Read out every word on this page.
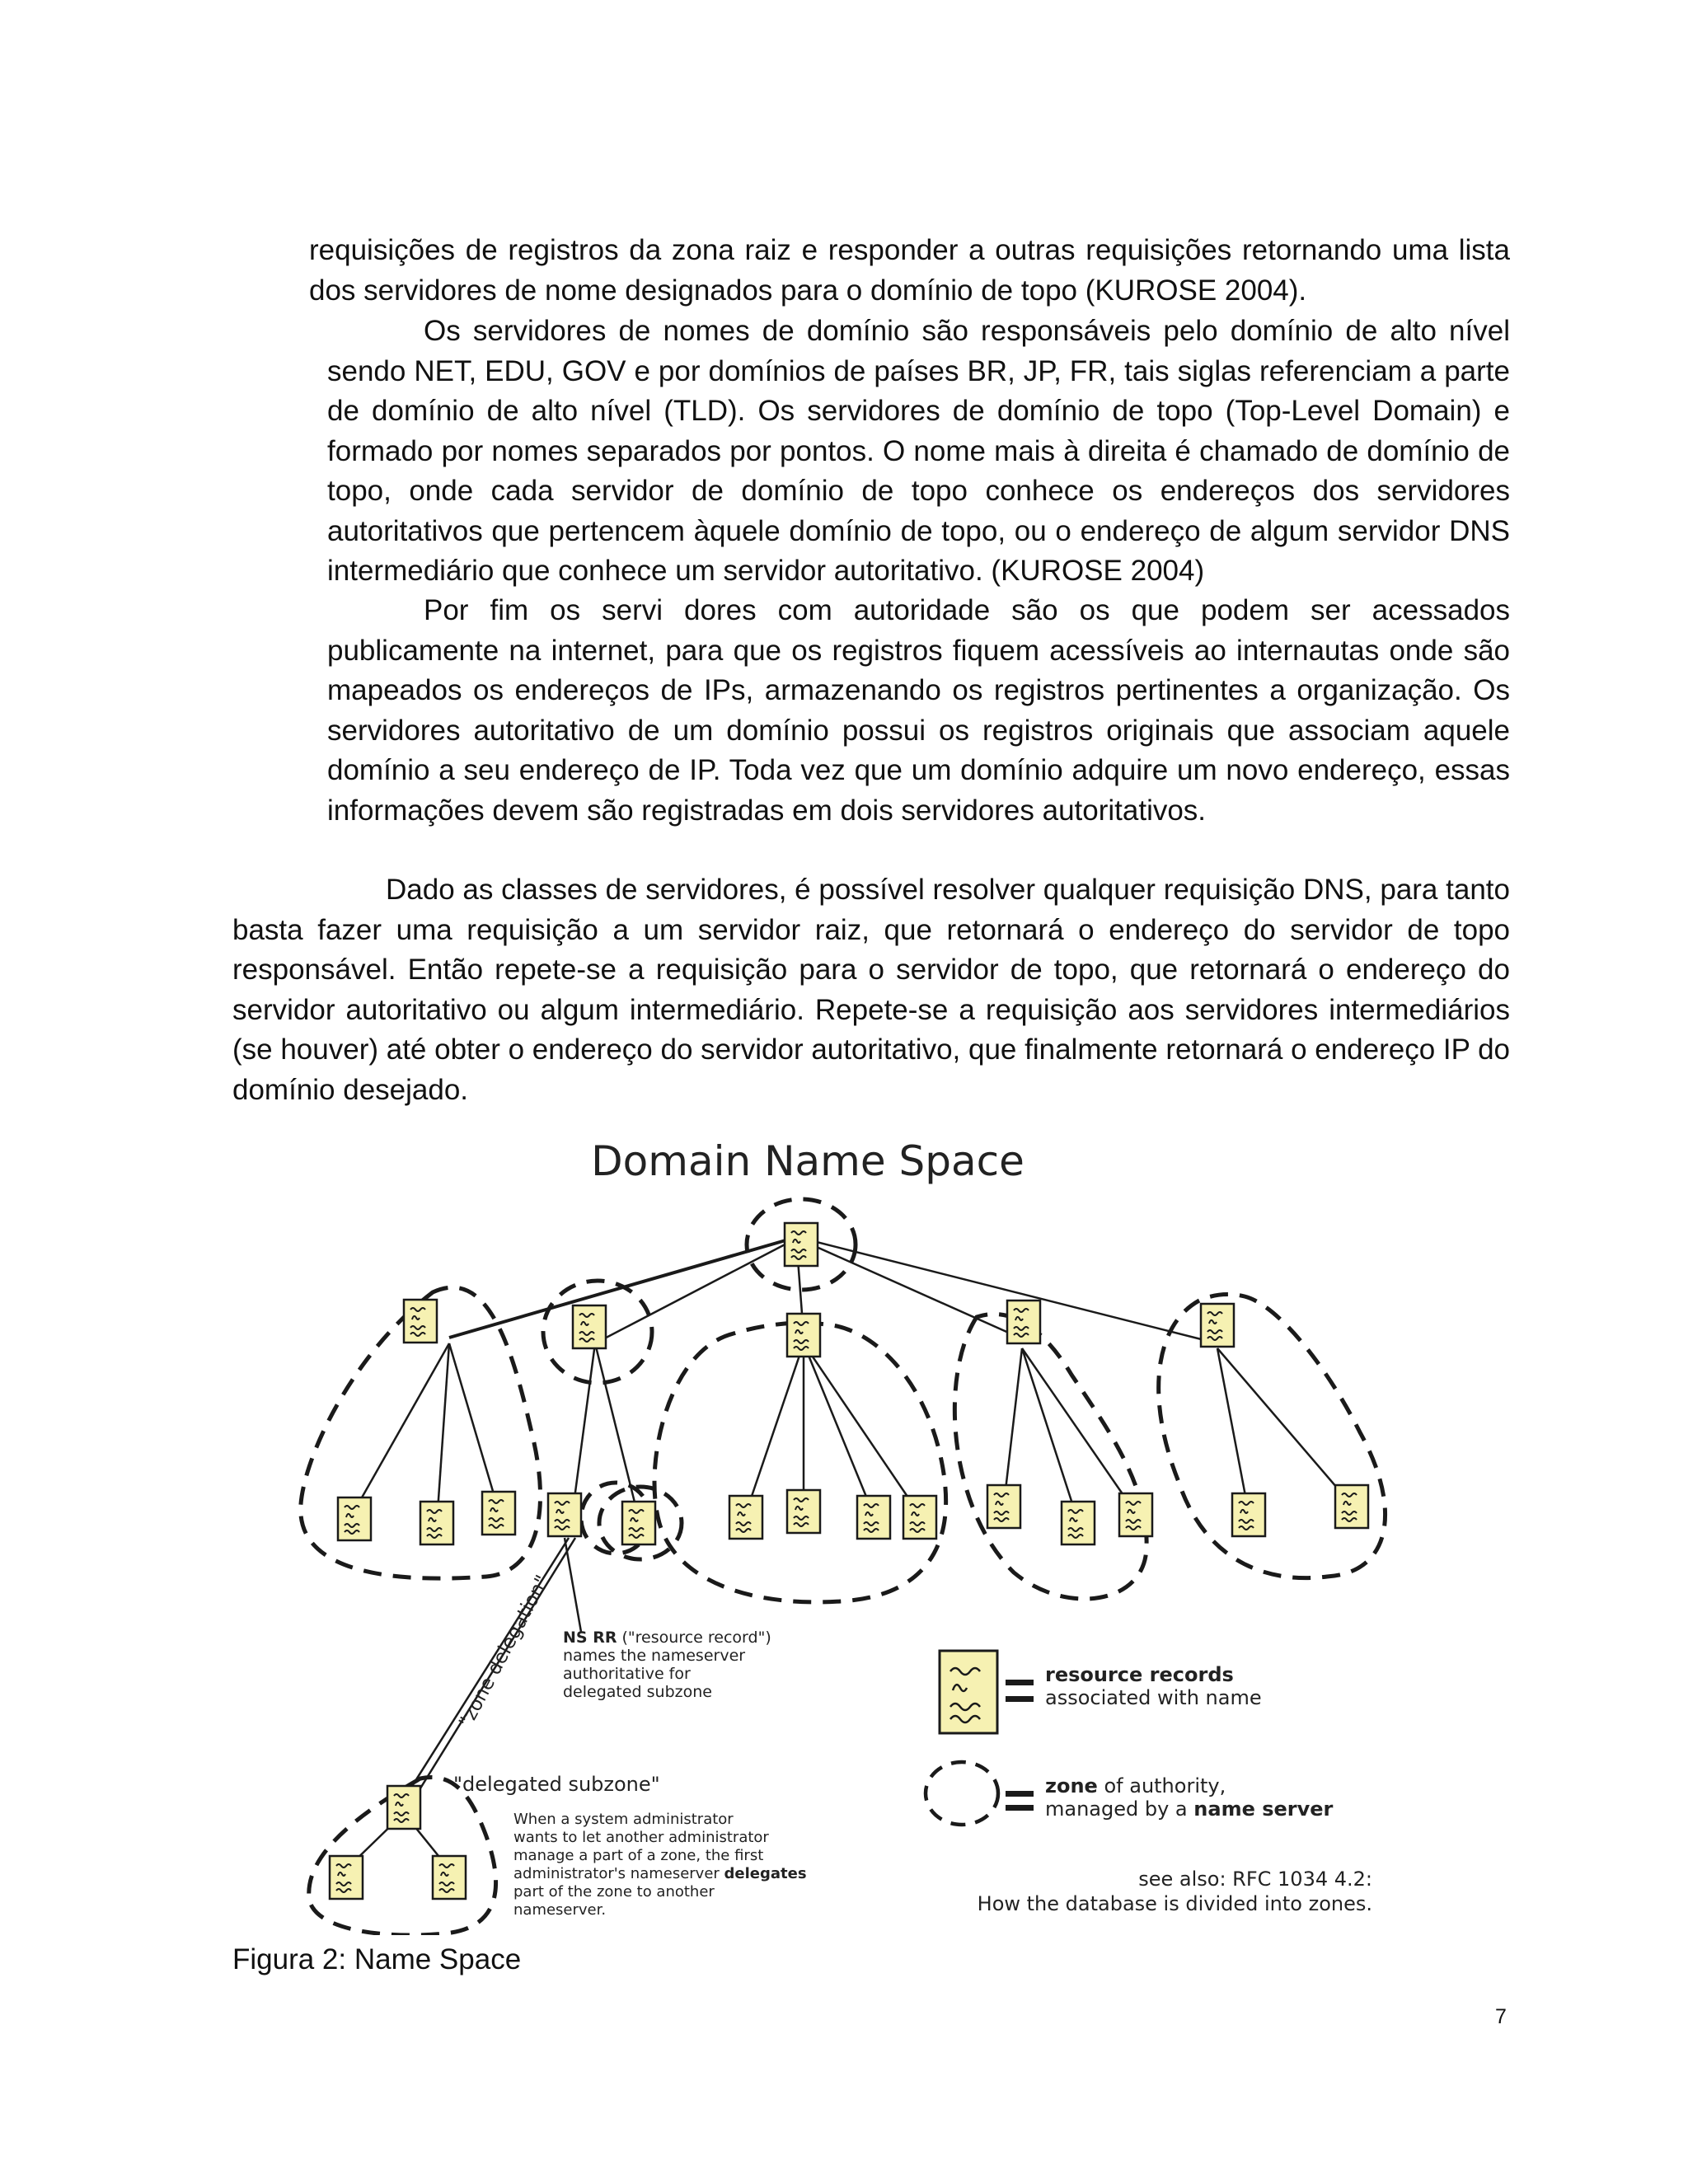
requisições de registros da zona raiz e responder a outras requisições retornando uma lista dos servidores de nome designados para o domínio de topo (KUROSE 2004).

Os servidores de nomes de domínio são responsáveis pelo domínio de alto nível sendo NET, EDU, GOV e por domínios de países BR, JP, FR, tais siglas referenciam a parte de domínio de alto nível (TLD). Os servidores de domínio de topo (Top-Level Domain) e formado por nomes separados por pontos. O nome mais à direita é chamado de domínio de topo, onde cada servidor de domínio de topo conhece os endereços dos servidores autoritativos que pertencem àquele domínio de topo, ou o endereço de algum servidor DNS intermediário que conhece um servidor autoritativo. (KUROSE 2004)

Por fim os servi dores com autoridade são os que podem ser acessados publicamente na internet, para que os registros fiquem acessíveis ao internautas onde são mapeados os endereços de IPs, armazenando os registros pertinentes a organização. Os servidores autoritativo de um domínio possui os registros originais que associam aquele domínio a seu endereço de IP. Toda vez que um domínio adquire um novo endereço, essas informações devem são registradas em dois servidores autoritativos.

Dado as classes de servidores, é possível resolver qualquer requisição DNS, para tanto basta fazer uma requisição a um servidor raiz, que retornará o endereço do servidor de topo responsável. Então repete-se a requisição para o servidor de topo, que retornará o endereço do servidor autoritativo ou algum intermediário. Repete-se a requisição aos servidores intermediários (se houver) até obter o endereço do servidor autoritativo, que finalmente retornará o endereço IP do domínio desejado.

Domain Name Space
"zone delegation" NS RR ("resource record")
names the nameserver
authoritative for
delegated subzone
"delegated subzone"
When a system administrator
wants to let another administrator
manage a part of a zone, the first
administrator's nameserver delegates
part of the zone to another
nameserver.
resource records
associated with name
zone of authority,
managed by a name server
see also: RFC 1034 4.2:
How the database is divided into zones.

Figura 2: Name Space

7
